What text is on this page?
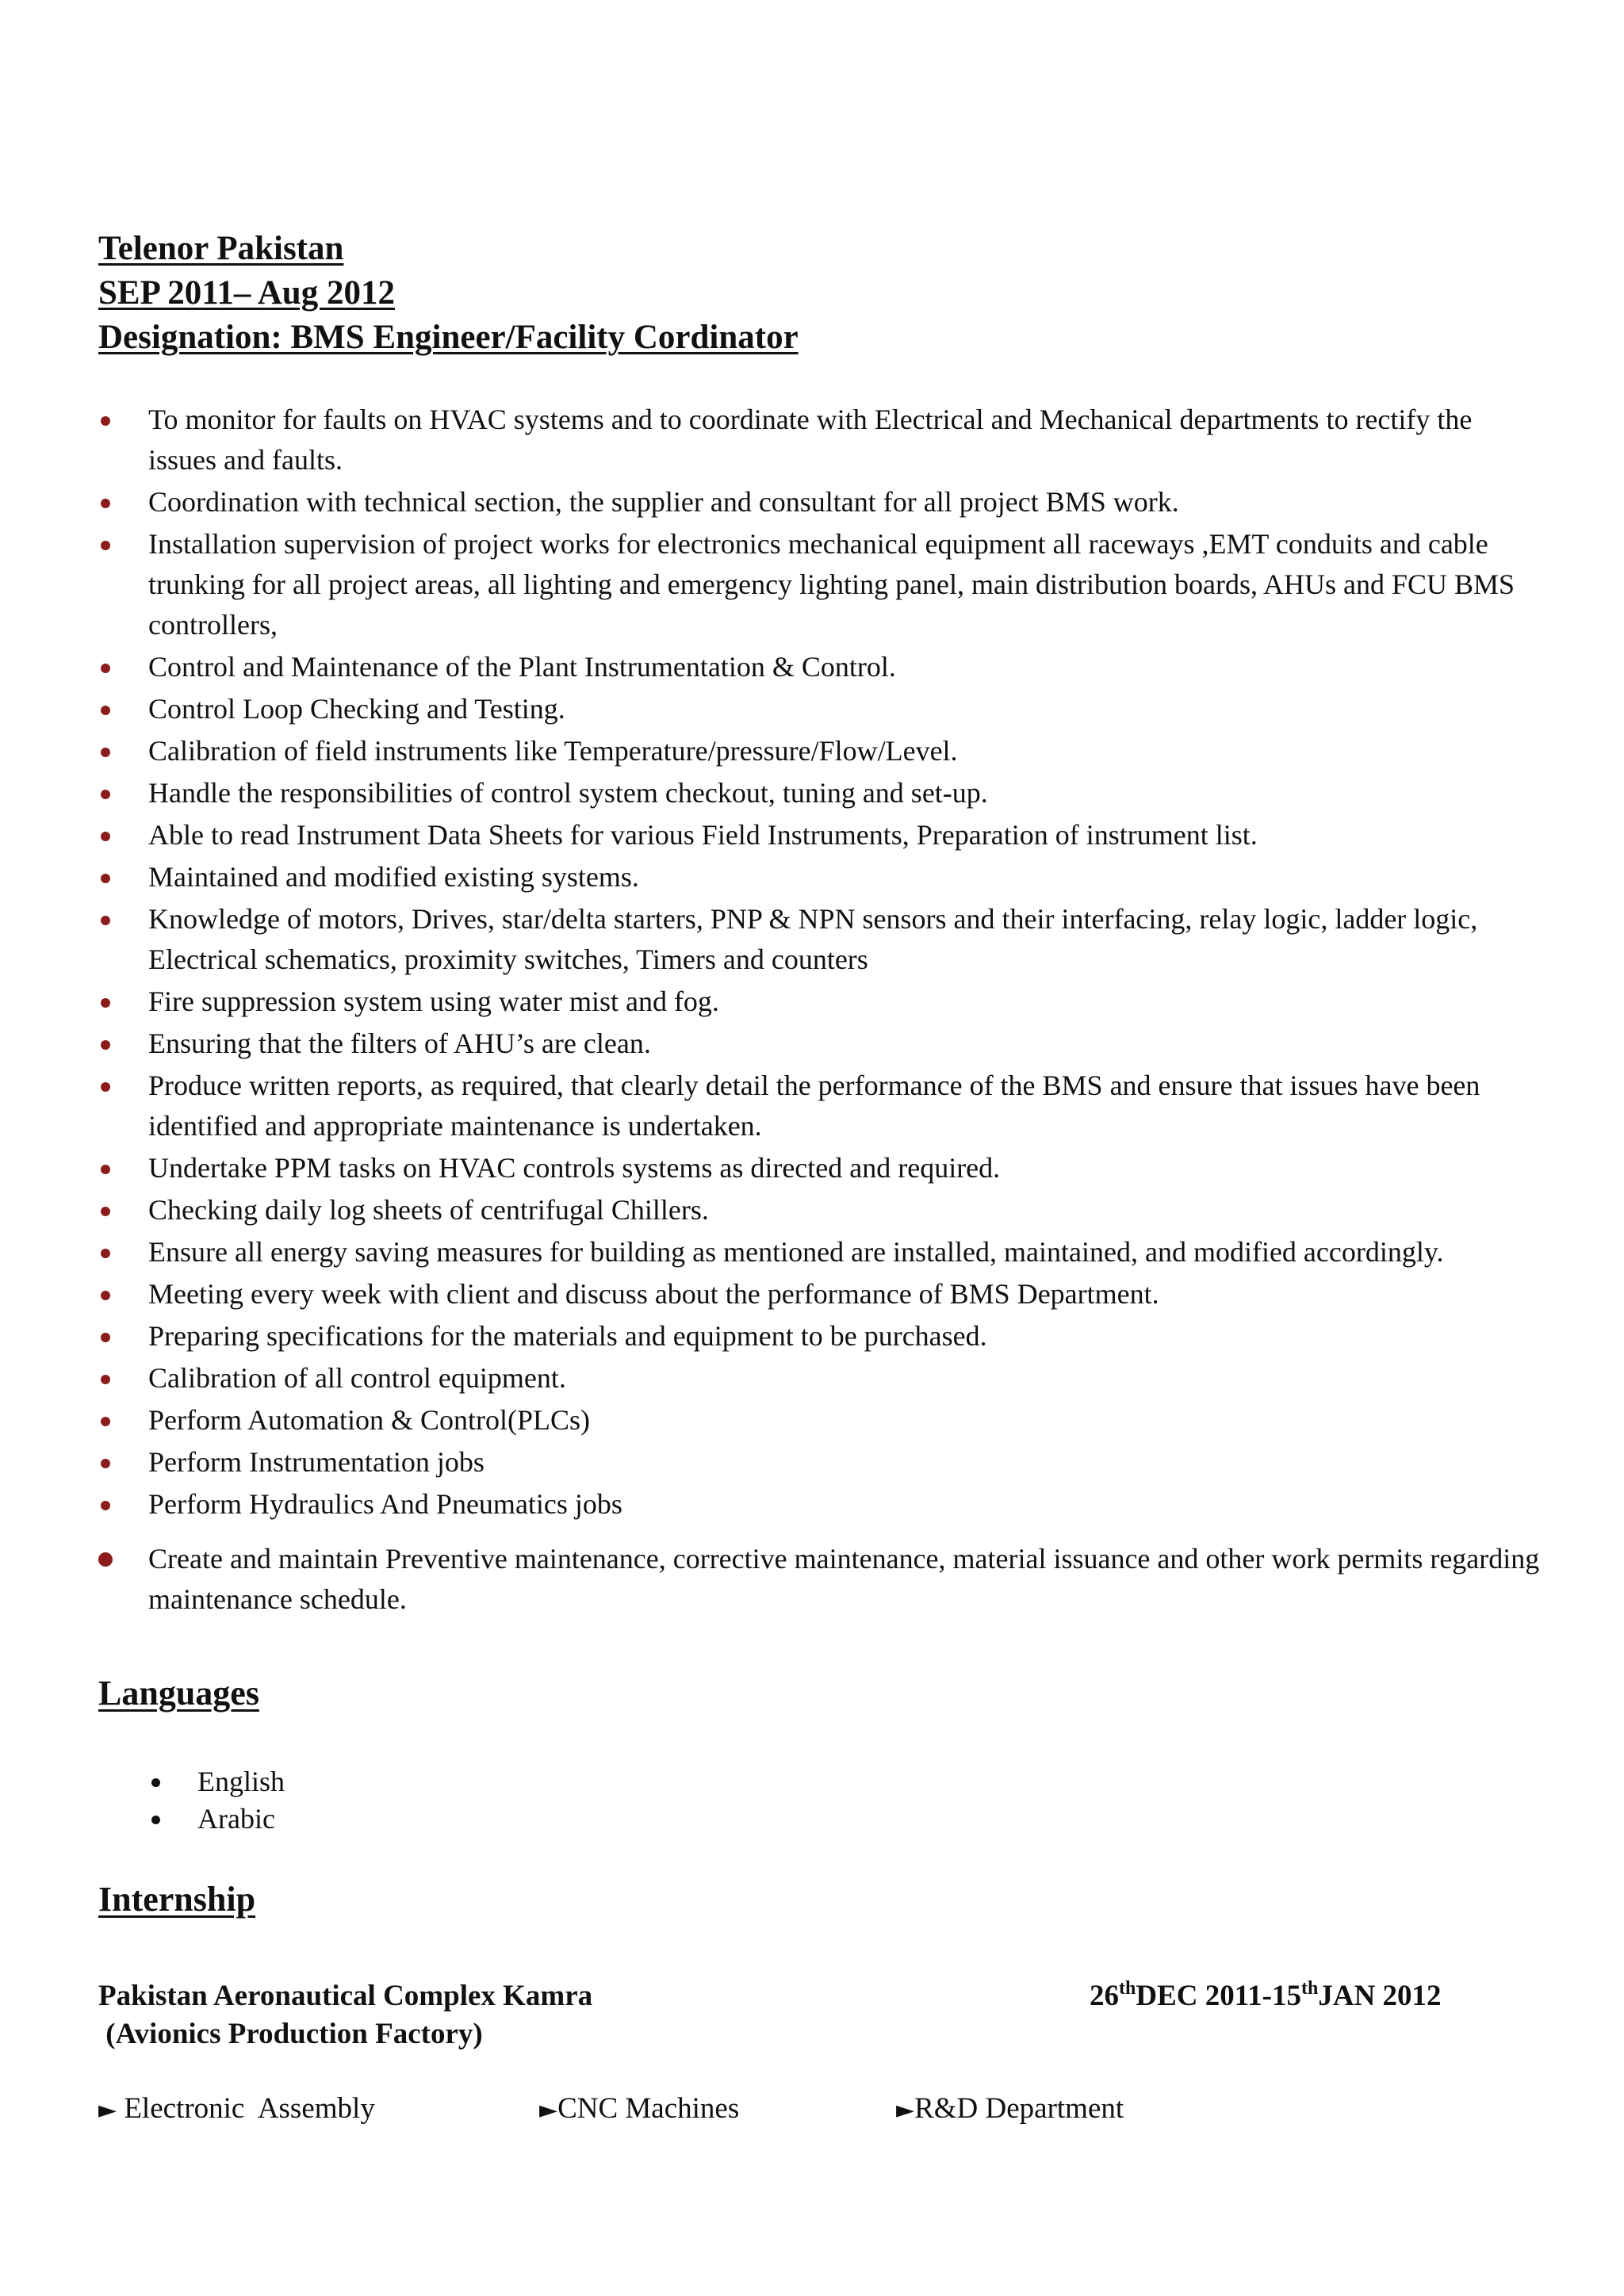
Telenor Pakistan
SEP 2011– Aug 2012
Designation: BMS Engineer/Facility Cordinator
To monitor for faults on HVAC systems and to coordinate with Electrical and Mechanical departments to rectify the issues and faults.
Coordination with technical section, the supplier and consultant for all project BMS work.
Installation supervision of project works for electronics mechanical equipment all raceways ,EMT conduits and cable trunking for all project areas, all lighting and emergency lighting panel, main distribution boards, AHUs and FCU BMS controllers,
Control and Maintenance of the Plant Instrumentation & Control.
Control Loop Checking and Testing.
Calibration of field instruments like Temperature/pressure/Flow/Level.
Handle the responsibilities of control system checkout, tuning and set-up.
Able to read Instrument Data Sheets for various Field Instruments, Preparation of instrument list.
Maintained and modified existing systems.
Knowledge of motors, Drives, star/delta starters, PNP & NPN sensors and their interfacing, relay logic, ladder logic, Electrical schematics, proximity switches, Timers and counters
Fire suppression system using water mist and fog.
Ensuring that the filters of AHU’s are clean.
Produce written reports, as required, that clearly detail the performance of the BMS and ensure that issues have been identified and appropriate maintenance is undertaken.
Undertake PPM tasks on HVAC controls systems as directed and required.
Checking daily log sheets of centrifugal Chillers.
Ensure all energy saving measures for building as mentioned are installed, maintained, and modified accordingly.
Meeting every week with client and discuss about the performance of BMS Department.
Preparing specifications for the materials and equipment to be purchased.
Calibration of all control equipment.
Perform Automation & Control(PLCs)
Perform Instrumentation jobs
Perform Hydraulics And Pneumatics jobs
Create and maintain Preventive maintenance, corrective maintenance, material issuance and other work permits regarding maintenance schedule.
Languages
English
Arabic
Internship
Pakistan Aeronautical Complex Kamra
(Avionics Production Factory)
26thDEC 2011-15thJAN 2012
► Electronic  Assembly	►CNC Machines	►R&D Department
